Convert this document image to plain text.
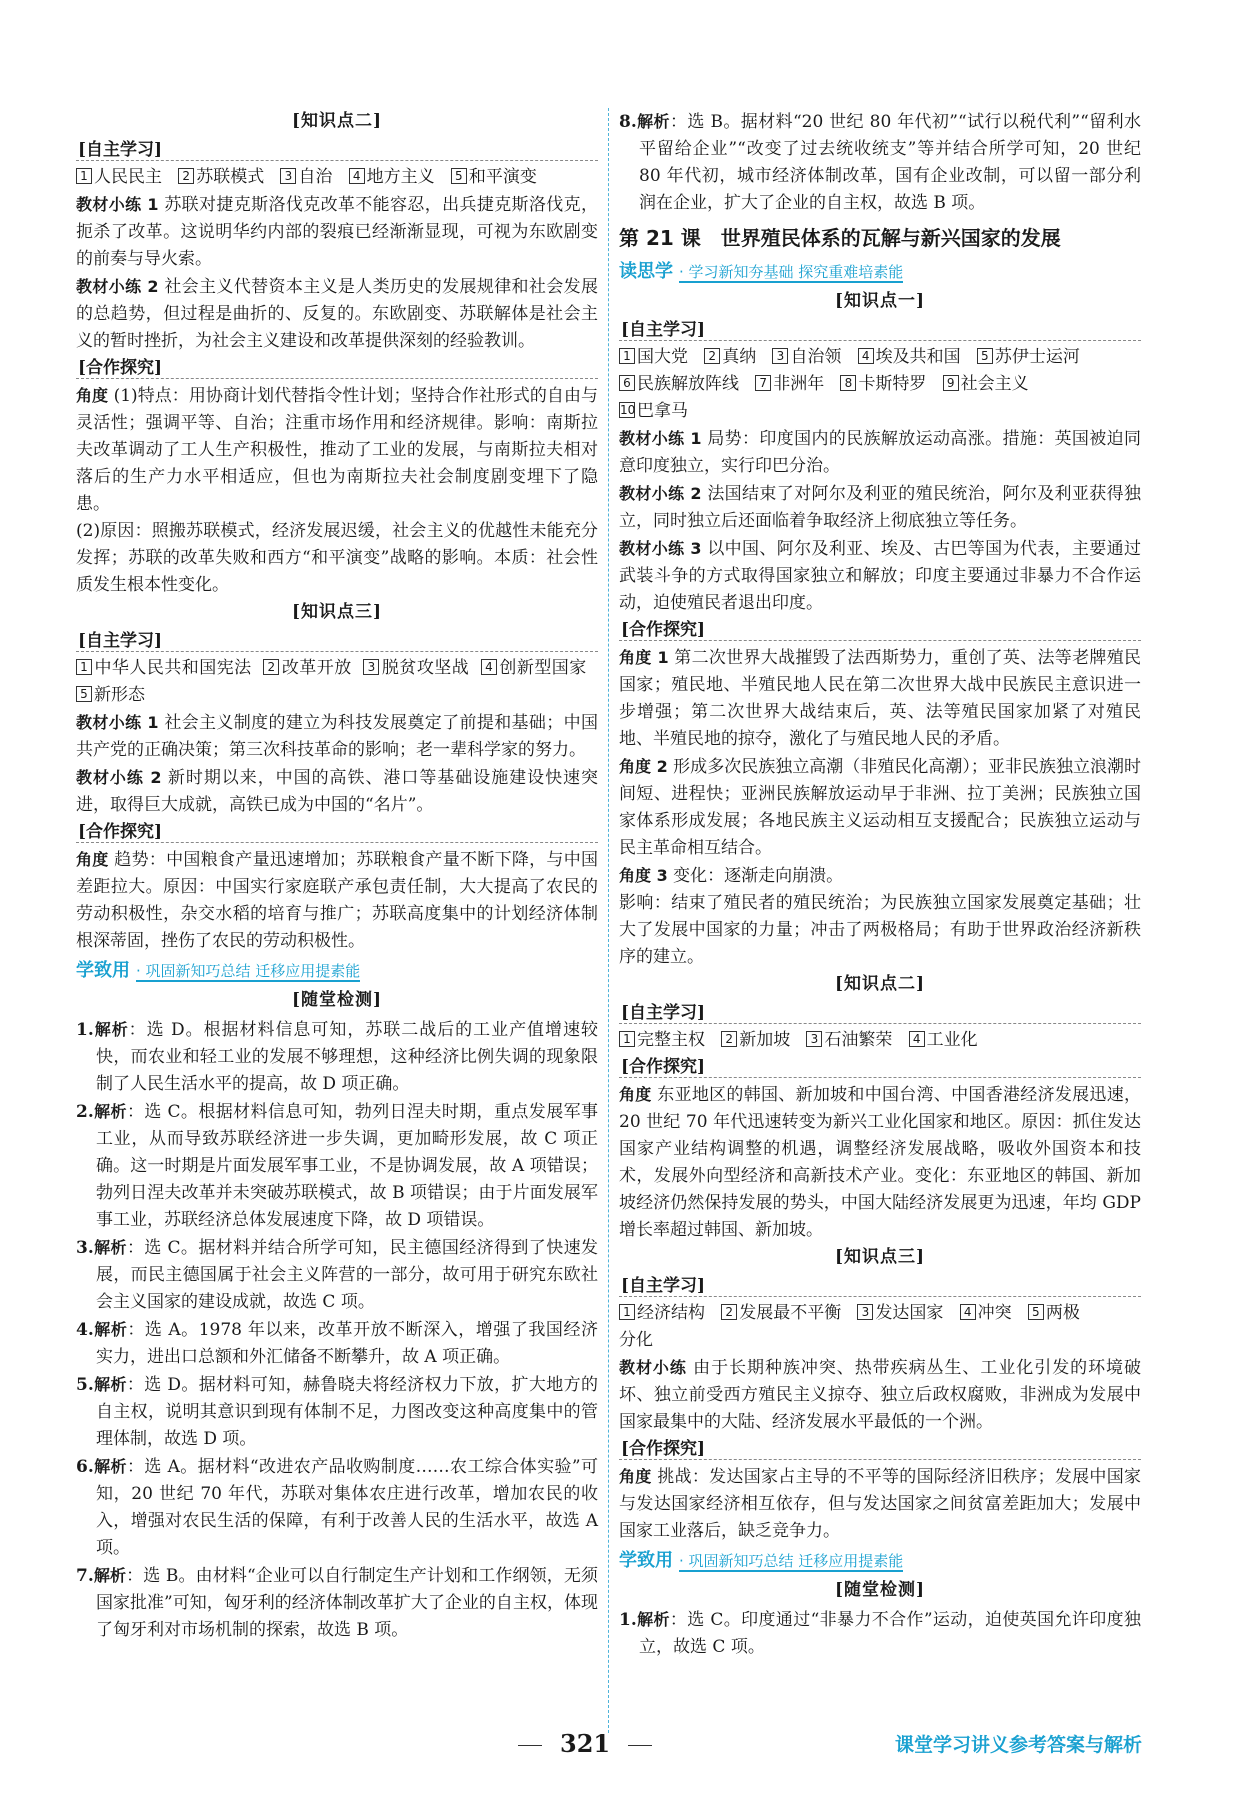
[知识点二]
[ 自主学习 ]

1 人民民主 2 苏联模式 3 自治 4 地方主义 5 和平演变

教材小练 1 苏联对捷克斯洛伐克改革不能容忍，出兵捷克斯洛伐克，扼杀了改革。这说明华约内部的裂痕已经渐渐显现，可视为东欧剧变的前奏与导火索。

教材小练 2 社会主义代替资本主义是人类历史的发展规律和社会发展的总趋势，但过程是曲折的、反复的。东欧剧变、苏联解体是社会主义的暂时挫折，为社会主义建设和改革提供深刻的经验教训。

[ 合作探究 ]

角度 (1)特点：用协商计划代替指令性计划；坚持合作社形式的自由与灵活性；强调平等、自治；注重市场作用和经济规律。影响：南斯拉夫改革调动了工人生产积极性，推动了工业的发展，与南斯拉夫相对落后的生产力水平相适应，但也为南斯拉夫社会制度剧变埋下了隐患。

(2)原因：照搬苏联模式，经济发展迟缓，社会主义的优越性未能充分发挥；苏联的改革失败和西方“和平演变”战略的影响。本质：社会性质发生根本性变化。

[知识点三]
[ 自主学习 ]

1 中华人民共和国宪法 2 改革开放 3 脱贫攻坚战 4 创新型国家   5 新形态

教材小练 1 社会主义制度的建立为科技发展奠定了前提和基础；中国共产党的正确决策；第三次科技革命的影响；老一辈科学家的努力。

教材小练 2 新时期以来，中国的高铁、港口等基础设施建设快速突进，取得巨大成就，高铁已成为中国的“名片”。

[ 合作探究 ]

角度 趋势：中国粮食产量迅速增加；苏联粮食产量不断下降，与中国差距拉大。原因：中国实行家庭联产承包责任制，大大提高了农民的劳动积极性，杂交水稻的培育与推广；苏联高度集中的计划经济体制根深蒂固，挫伤了农民的劳动积极性。

学致用 · 巩固新知巧总结 迁移应用提素能
[随堂检测]

1.解析：选 D。根据材料信息可知，苏联二战后的工业产值增速较快，而农业和轻工业的发展不够理想，这种经济比例失调的现象限制了人民生活水平的提高，故 D 项正确。

2.解析：选 C。根据材料信息可知，勃列日涅夫时期，重点发展军事工业，从而导致苏联经济进一步失调，更加畸形发展，故 C 项正确。这一时期是片面发展军事工业，不是协调发展，故 A 项错误；勃列日涅夫改革并未突破苏联模式，故 B 项错误；由于片面发展军事工业，苏联经济总体发展速度下降，故 D 项错误。

3.解析：选 C。据材料并结合所学可知，民主德国经济得到了快速发展，而民主德国属于社会主义阵营的一部分，故可用于研究东欧社会主义国家的建设成就，故选 C 项。

4.解析：选 A。1978 年以来，改革开放不断深入，增强了我国经济实力，进出口总额和外汇储备不断攀升，故 A 项正确。

5.解析：选 D。据材料可知，赫鲁晓夫将经济权力下放，扩大地方的自主权，说明其意识到现有体制不足，力图改变这种高度集中的管理体制，故选 D 项。

6.解析：选 A。据材料“改进农产品收购制度……农工综合体实验”可知，20 世纪 70 年代，苏联对集体农庄进行改革，增加农民的收入，增强对农民生活的保障，有利于改善人民的生活水平，故选 A 项。

7.解析：选 B。由材料“企业可以自行制定生产计划和工作纲领，无须国家批准”可知，匈牙利的经济体制改革扩大了企业的自主权，体现了匈牙利对市场机制的探索，故选 B 项。

8.解析：选 B。据材料“20 世纪 80 年代初”“试行以税代利”“留利水平留给企业”“改变了过去统收统支”等并结合所学可知，20 世纪 80 年代初，城市经济体制改革，国有企业改制，可以留一部分利润在企业，扩大了企业的自主权，故选 B 项。

第 21 课　世界殖民体系的瓦解与新兴国家的发展
读思学 · 学习新知夯基础 探究重难培素能
[知识点一]
[ 自主学习 ]

1 国大党 2 真纳 3 自治领 4 埃及共和国 5 苏伊士运河
6 民族解放阵线 7 非洲年 8 卡斯特罗 9 社会主义
10 巴拿马

教材小练 1 局势：印度国内的民族解放运动高涨。措施：英国被迫同意印度独立，实行印巴分治。

教材小练 2 法国结束了对阿尔及利亚的殖民统治，阿尔及利亚获得独立，同时独立后还面临着争取经济上彻底独立等任务。

教材小练 3 以中国、阿尔及利亚、埃及、古巴等国为代表，主要通过武装斗争的方式取得国家独立和解放；印度主要通过非暴力不合作运动，迫使殖民者退出印度。

[ 合作探究 ]

角度 1 第二次世界大战摧毁了法西斯势力，重创了英、法等老牌殖民国家；殖民地、半殖民地人民在第二次世界大战中民族民主意识进一步增强；第二次世界大战结束后，英、法等殖民国家加紧了对殖民地、半殖民地的掠夺，激化了与殖民地人民的矛盾。

角度 2 形成多次民族独立高潮（非殖民化高潮）；亚非民族独立浪潮时间短、进程快；亚洲民族解放运动早于非洲、拉丁美洲；民族独立国家体系形成发展；各地民族主义运动相互支援配合；民族独立运动与民主革命相互结合。

角度 3 变化：逐渐走向崩溃。

影响：结束了殖民者的殖民统治；为民族独立国家发展奠定基础；壮大了发展中国家的力量；冲击了两极格局；有助于世界政治经济新秩序的建立。

[知识点二]
[ 自主学习 ]

1 完整主权 2 新加坡 3 石油繁荣 4 工业化

[ 合作探究 ]

角度 东亚地区的韩国、新加坡和中国台湾、中国香港经济发展迅速，20 世纪 70 年代迅速转变为新兴工业化国家和地区。原因：抓住发达国家产业结构调整的机遇，调整经济发展战略，吸收外国资本和技术，发展外向型经济和高新技术产业。变化：东亚地区的韩国、新加坡经济仍然保持发展的势头，中国大陆经济发展更为迅速，年均 GDP 增长率超过韩国、新加坡。

[知识点三]
[ 自主学习 ]

1 经济结构 2 发展最不平衡 3 发达国家 4 冲突 5 两极
分化

教材小练 由于长期种族冲突、热带疾病丛生、工业化引发的环境破坏、独立前受西方殖民主义掠夺、独立后政权腐败，非洲成为发展中国家最集中的大陆、经济发展水平最低的一个洲。

[ 合作探究 ]

角度 挑战：发达国家占主导的不平等的国际经济旧秩序；发展中国家与发达国家经济相互依存，但与发达国家之间贫富差距加大；发展中国家工业落后，缺乏竞争力。

学致用 · 巩固新知巧总结 迁移应用提素能
[随堂检测]

1.解析：选 C。印度通过“非暴力不合作”运动，迫使英国允许印度独立，故选 C 项。

321	课堂学习讲义参考答案与解析
